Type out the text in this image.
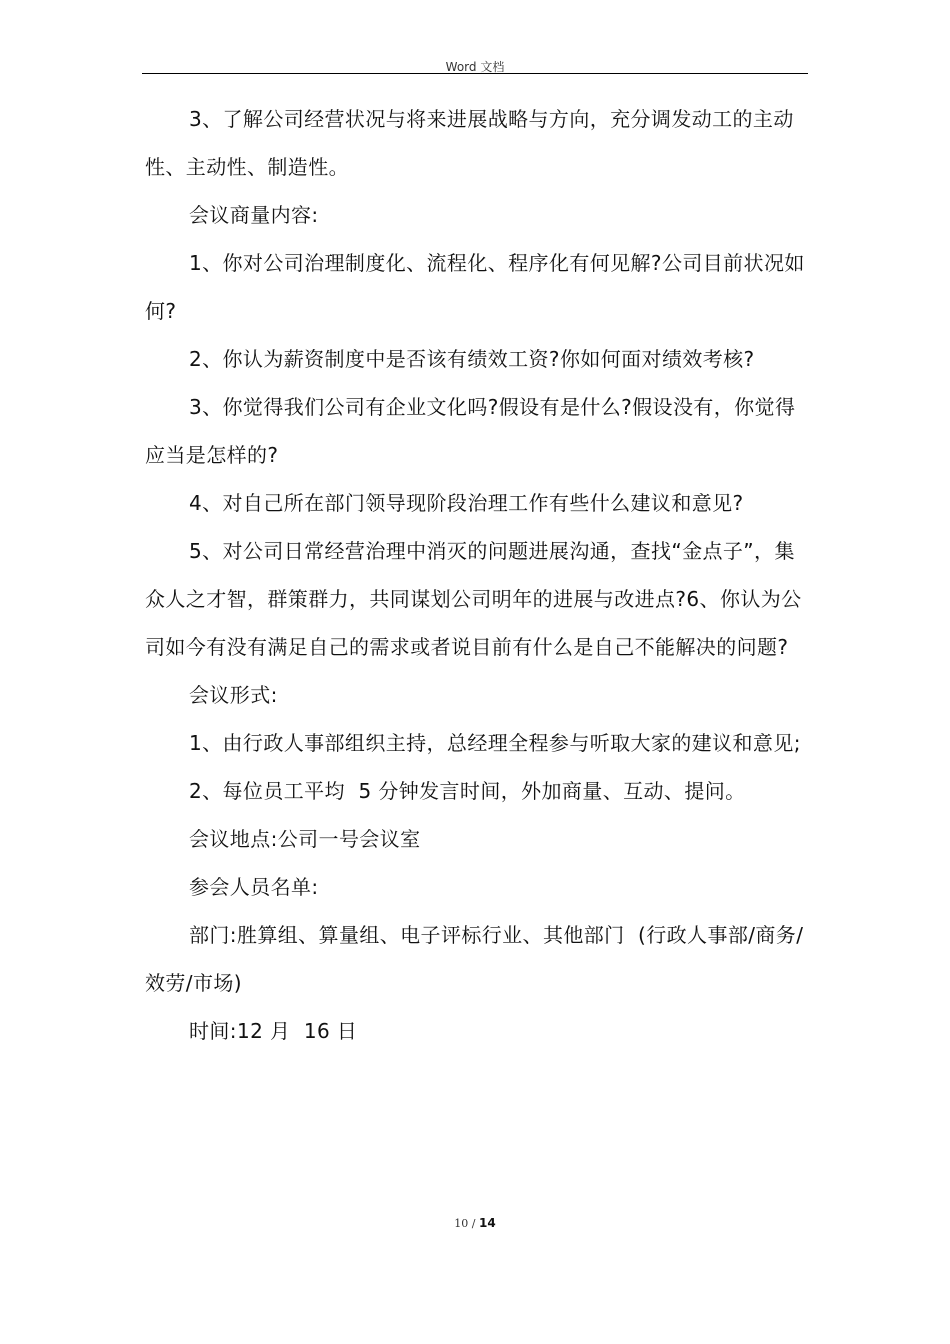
Word 文档

3、了解公司经营状况与将来进展战略与方向，充分调发动工的主动性、主动性、制造性。

会议商量内容:

1、你对公司治理制度化、流程化、程序化有何见解?公司目前状况如何?

2、你认为薪资制度中是否该有绩效工资?你如何面对绩效考核?

3、你觉得我们公司有企业文化吗?假设有是什么?假设没有，你觉得应当是怎样的?

4、对自己所在部门领导现阶段治理工作有些什么建议和意见?

5、对公司日常经营治理中消灭的问题进展沟通，查找“金点子”，集众人之才智，群策群力，共同谋划公司明年的进展与改进点?6、你认为公司如今有没有满足自己的需求或者说目前有什么是自己不能解决的问题?

会议形式:

1、由行政人事部组织主持，总经理全程参与听取大家的建议和意见;

2、每位员工平均  5 分钟发言时间，外加商量、互动、提问。

会议地点:公司一号会议室

参会人员名单:

部门:胜算组、算量组、电子评标行业、其他部门  (行政人事部/商务/效劳/市场)

时间:12 月  16 日

10 / 14
